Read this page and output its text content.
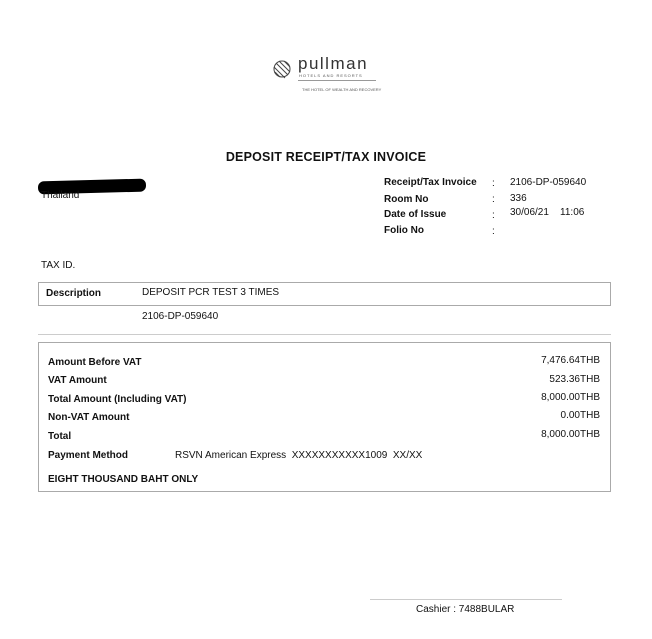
pullman
HOTELS AND RESORTS
THE HOTEL OF WEALTH AND RECOVERY
DEPOSIT RECEIPT/TAX INVOICE
Thailand
Receipt/Tax Invoice : 2106-DP-059640
Room No	: 336
Date of Issue	: 30/06/21    11:06
Folio No	:
TAX ID.
Description	DEPOSIT PCR TEST 3 TIMES
2106-DP-059640
Amount Before VAT	7,476.64THB
VAT Amount	523.36THB
Total Amount (Including VAT)	8,000.00THB
Non-VAT Amount	0.00THB
Total	8,000.00THB
Payment Method	RSVN American Express  XXXXXXXXXXX1009  XX/XX
EIGHT THOUSAND BAHT ONLY
Cashier : 7488BULAR
